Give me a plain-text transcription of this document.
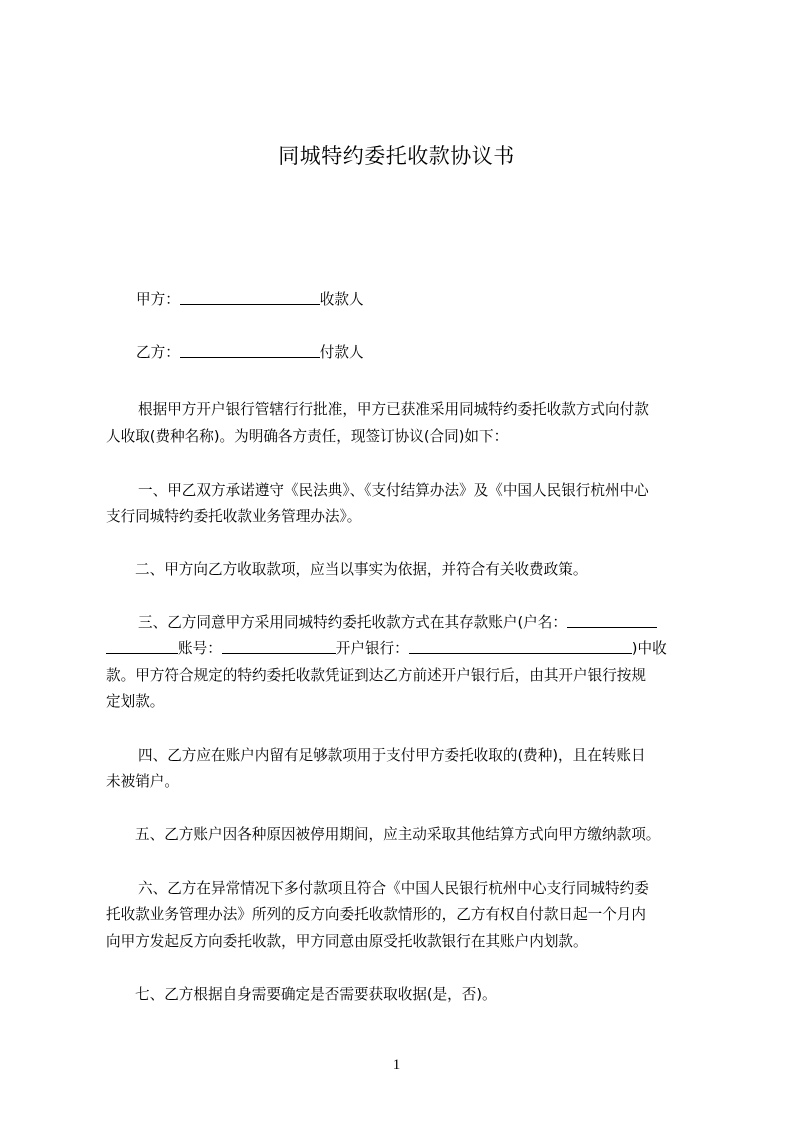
同城特约委托收款协议书
甲方：	收款人
乙方：	付款人
根据甲方开户银行管辖行行批准，甲方已获准采用同城特约委托收款方式向付款
人收取(费种名称)。为明确各方责任，现签订协议(合同)如下：
一、甲乙双方承诺遵守《民法典》、《支付结算办法》及《中国人民银行杭州中心
支行同城特约委托收款业务管理办法》。
二、甲方向乙方收取款项，应当以事实为依据，并符合有关收费政策。
三、乙方同意甲方采用同城特约委托收款方式在其存款账户(户名：
账号：	开户银行：	)中收
款。甲方符合规定的特约委托收款凭证到达乙方前述开户银行后，由其开户银行按规
定划款。
四、乙方应在账户内留有足够款项用于支付甲方委托收取的(费种)，且在转账日
未被销户。
五、乙方账户因各种原因被停用期间，应主动采取其他结算方式向甲方缴纳款项。
六、乙方在异常情况下多付款项且符合《中国人民银行杭州中心支行同城特约委
托收款业务管理办法》所列的反方向委托收款情形的，乙方有权自付款日起一个月内
向甲方发起反方向委托收款，甲方同意由原受托收款银行在其账户内划款。
七、乙方根据自身需要确定是否需要获取收据(是，否)。
1
